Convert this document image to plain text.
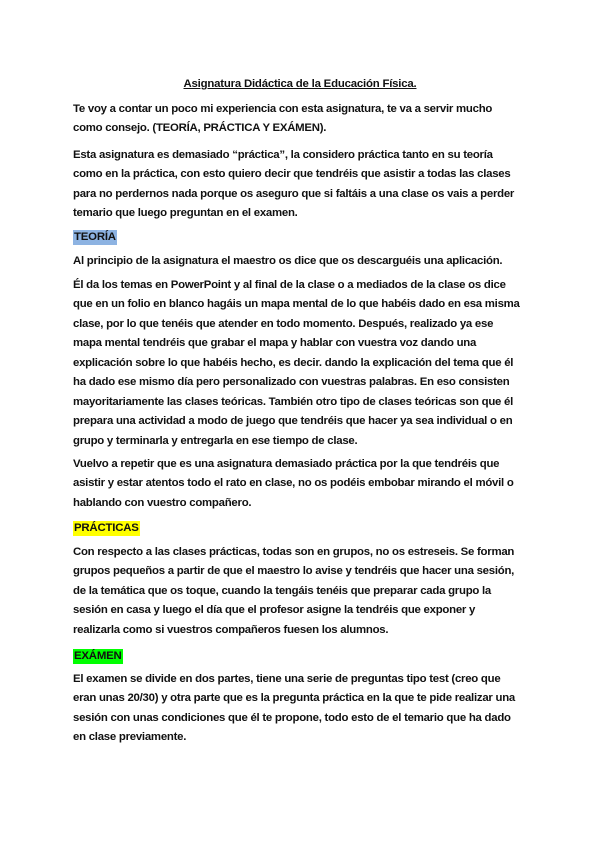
Asignatura Didáctica de la Educación Física.
Te voy a contar un poco mi experiencia con esta asignatura, te va a servir mucho
como consejo. (TEORÍA, PRÁCTICA Y EXÁMEN).
Esta asignatura es demasiado “práctica”, la considero práctica tanto en su teoría
como en la práctica, con esto quiero decir que tendréis que asistir a todas las clases
para no perdernos nada porque os aseguro que si faltáis a una clase os vais a perder
temario que luego preguntan en el examen.
TEORÍA
Al principio de la asignatura el maestro os dice que os descarguéis una aplicación.
Él da los temas en PowerPoint y al final de la clase o a mediados de la clase os dice
que en un folio en blanco hagáis un mapa mental de lo que habéis dado en esa misma
clase, por lo que tenéis que atender en todo momento. Después, realizado ya ese
mapa mental tendréis que grabar el mapa y hablar con vuestra voz dando una
explicación sobre lo que habéis hecho, es decir. dando la explicación del tema que él
ha dado ese mismo día pero personalizado con vuestras palabras. En eso consisten
mayoritariamente las clases teóricas. También otro tipo de clases teóricas son que él
prepara una actividad a modo de juego que tendréis que hacer ya sea individual o en
grupo y terminarla y entregarla en ese tiempo de clase.
Vuelvo a repetir que es una asignatura demasiado práctica por la que tendréis que
asistir y estar atentos todo el rato en clase, no os podéis embobar mirando el móvil o
hablando con vuestro compañero.
PRÁCTICAS
Con respecto a las clases prácticas, todas son en grupos, no os estreseis. Se forman
grupos pequeños a partir de que el maestro lo avise y tendréis que hacer una sesión,
de la temática que os toque, cuando la tengáis tenéis que preparar cada grupo la
sesión en casa y luego el día que el profesor asigne la tendréis que exponer y
realizarla como si vuestros compañeros fuesen los alumnos.
EXÁMEN
El examen se divide en dos partes, tiene una serie de preguntas tipo test (creo que
eran unas 20/30) y otra parte que es la pregunta práctica en la que te pide realizar una
sesión con unas condiciones que él te propone, todo esto de el temario que ha dado
en clase previamente.
